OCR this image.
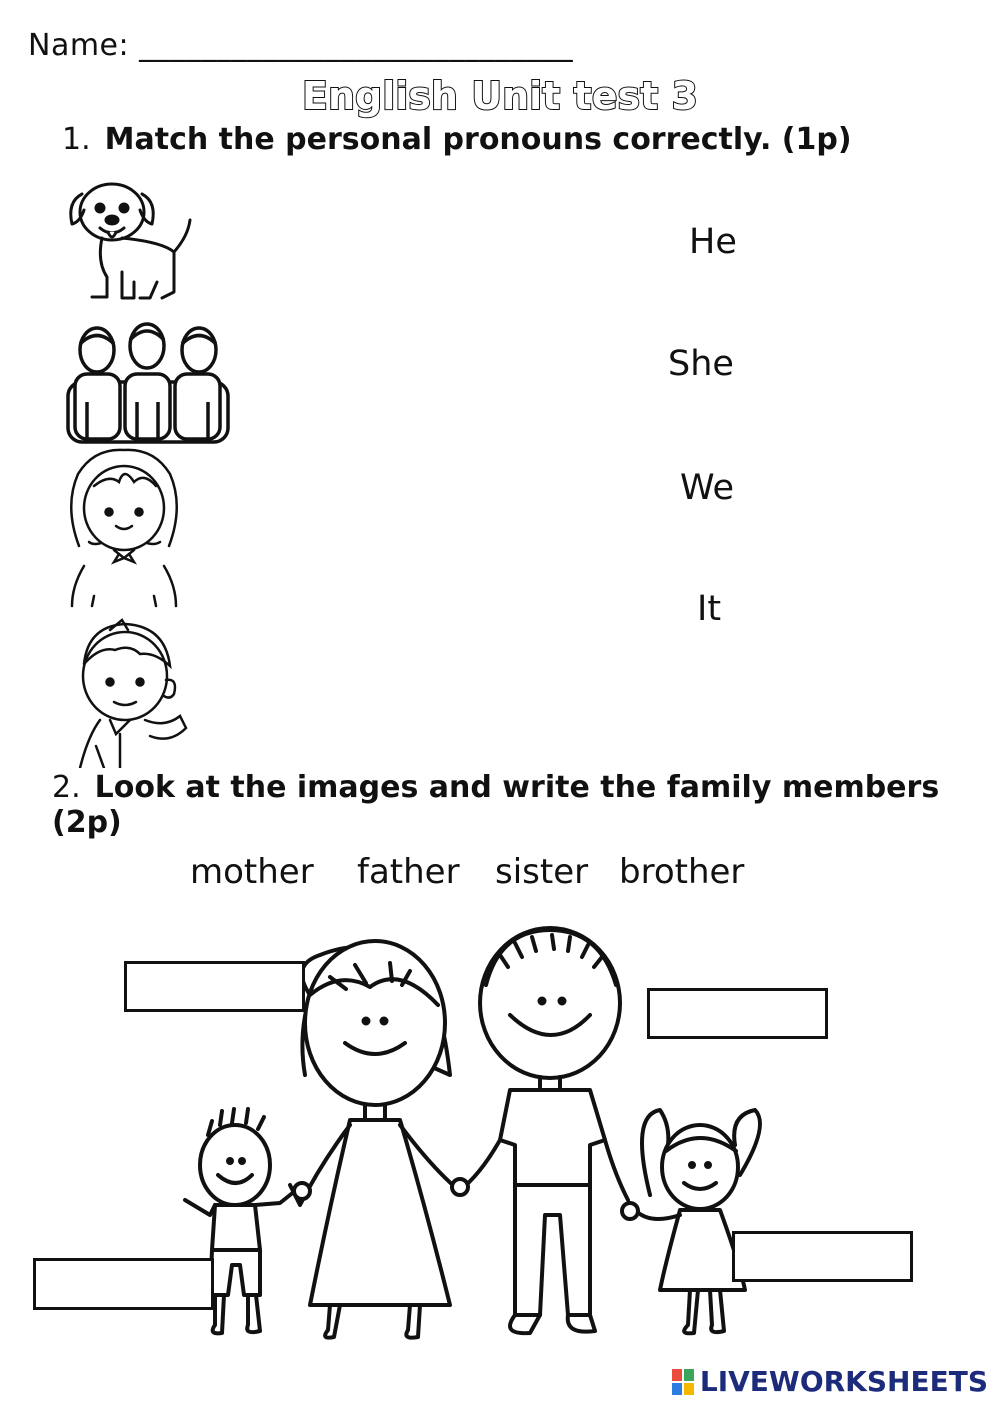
Name: ____________________________
English Unit test 3
1. Match the personal pronouns correctly. (1p)
He
She
We
It
2. Look at the images and write the family members (2p)
mother father sister brother
LIVEWORKSHEETS
